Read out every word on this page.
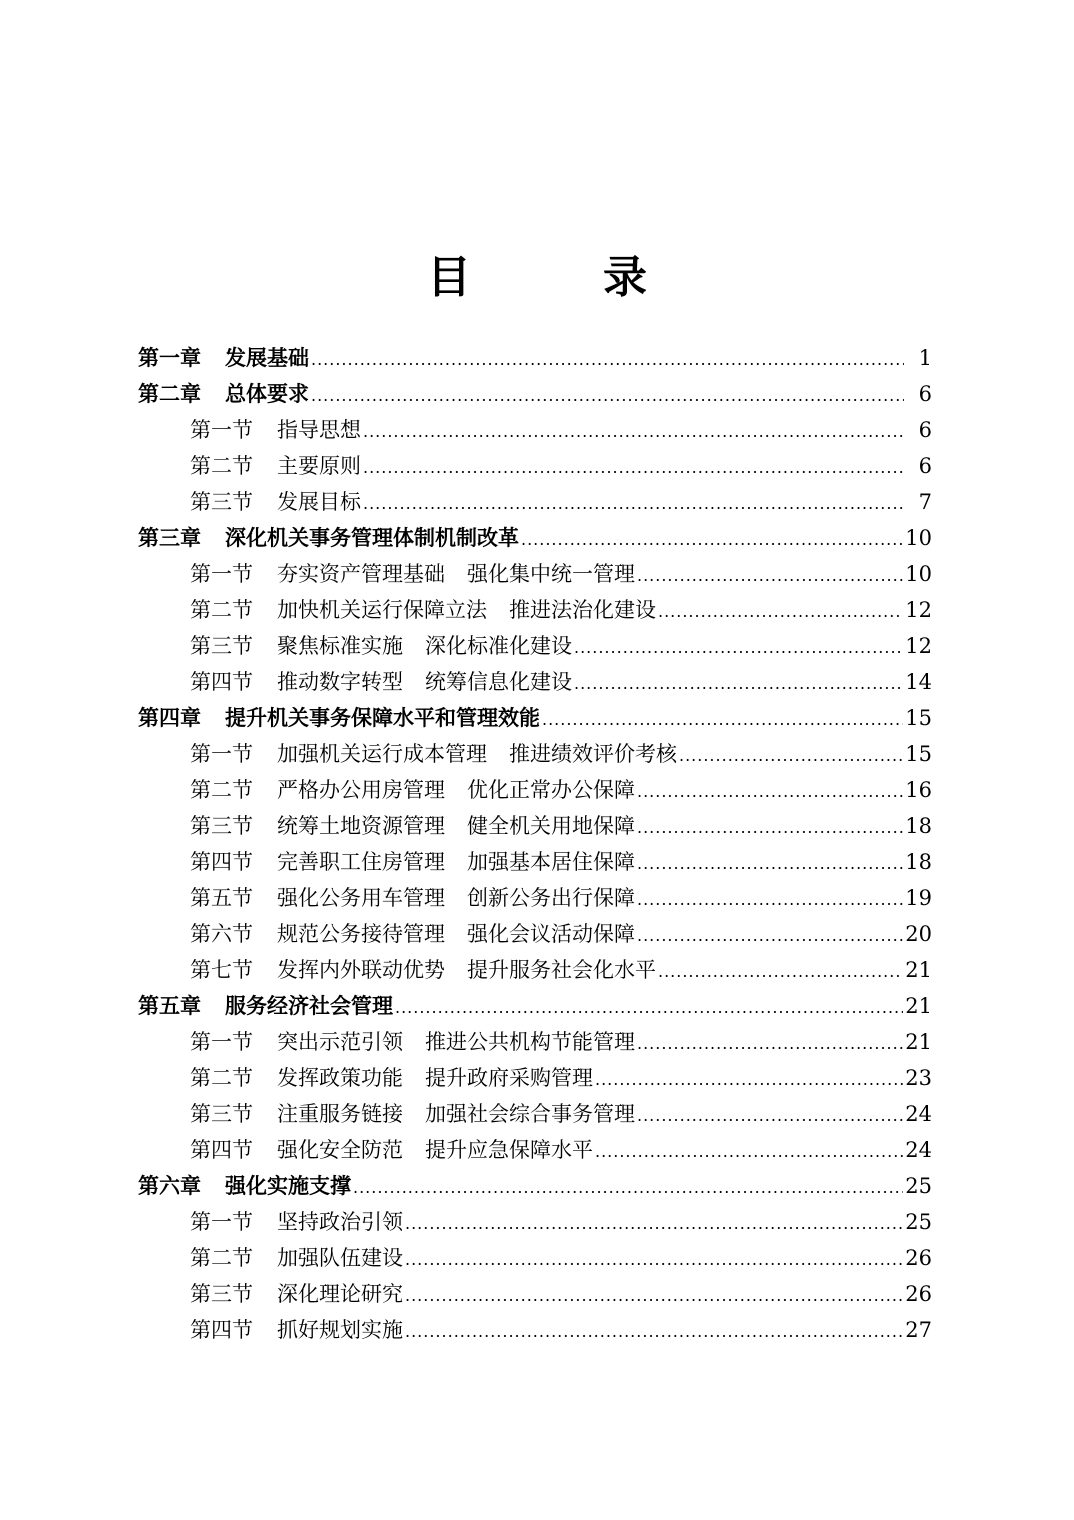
目　录
第一章 发展基础 .....	1
第二章 总体要求 .....	6
第一节 指导思想 .....	6
第二节 主要原则 .....	6
第三节 发展目标 .....	7
第三章 深化机关事务管理体制机制改革 .....	10
第一节 夯实资产管理基础 强化集中统一管理 .....	10
第二节 加快机关运行保障立法 推进法治化建设 .....	12
第三节 聚焦标准实施 深化标准化建设 .....	12
第四节 推动数字转型 统筹信息化建设 .....	14
第四章 提升机关事务保障水平和管理效能 .....	15
第一节 加强机关运行成本管理 推进绩效评价考核 .....	15
第二节 严格办公用房管理 优化正常办公保障 .....	16
第三节 统筹土地资源管理 健全机关用地保障 .....	18
第四节 完善职工住房管理 加强基本居住保障 .....	18
第五节 强化公务用车管理 创新公务出行保障 .....	19
第六节 规范公务接待管理 强化会议活动保障 .....	20
第七节 发挥内外联动优势 提升服务社会化水平 .....	21
第五章 服务经济社会管理 .....	21
第一节 突出示范引领 推进公共机构节能管理 .....	21
第二节 发挥政策功能 提升政府采购管理 .....	23
第三节 注重服务链接 加强社会综合事务管理 .....	24
第四节 强化安全防范 提升应急保障水平 .....	24
第六章 强化实施支撑 .....	25
第一节 坚持政治引领 .....	25
第二节 加强队伍建设 .....	26
第三节 深化理论研究 .....	26
第四节 抓好规划实施 .....	27
